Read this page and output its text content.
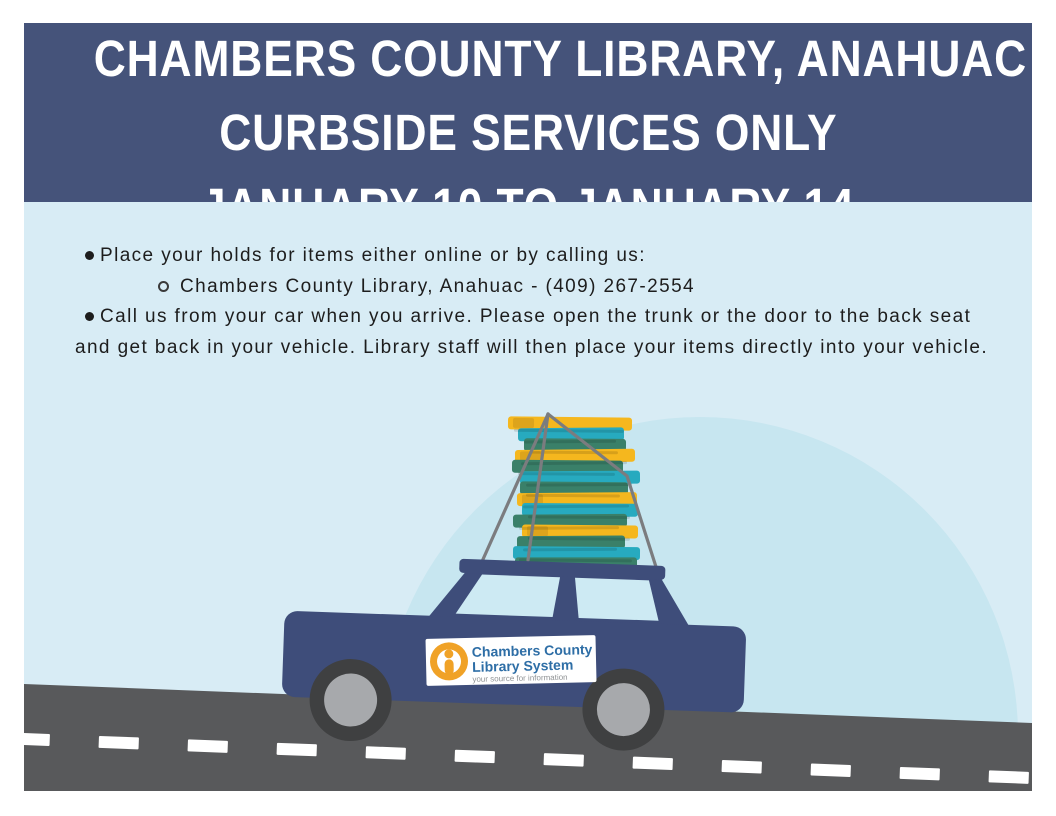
CHAMBERS COUNTY LIBRARY, ANAHUAC
CURBSIDE SERVICES ONLY
Chambers County
Library System
your source for information
Place your holds for items either online or by calling us:
Chambers County Library, Anahuac - (409) 267-2554
Call us from your car when you arrive. Please open the trunk or the door to the back seat and get back in your vehicle. Library staff will then place your items directly into your vehicle.
